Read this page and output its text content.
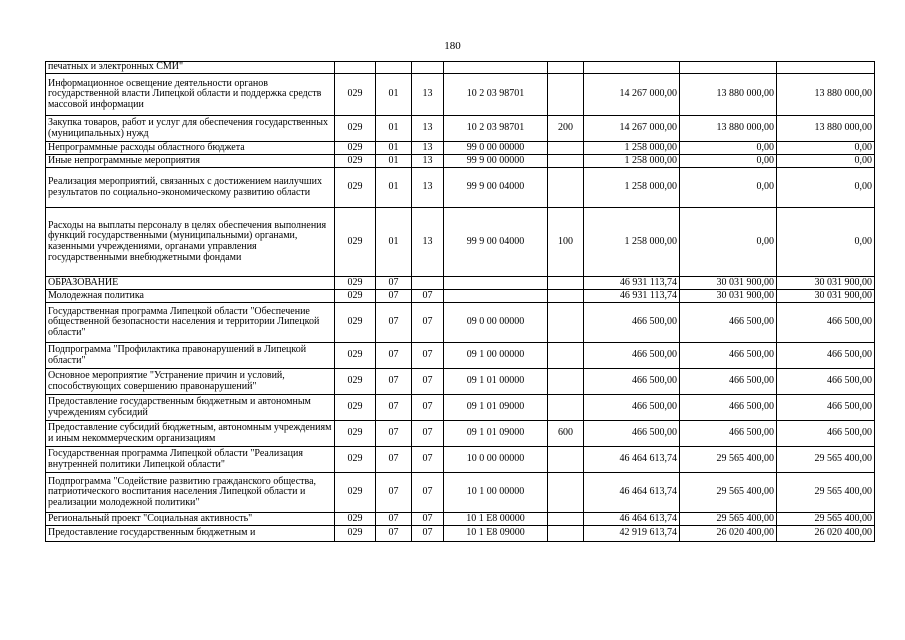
180
печатных и электронных СМИ"								
Информационное освещение деятельности органов государственной власти Липецкой области и поддержка средств массовой информации	029	01	13	10 2 03 98701		14 267 000,00	13 880 000,00	13 880 000,00
Закупка товаров, работ и услуг для обеспечения государственных (муниципальных) нужд	029	01	13	10 2 03 98701	200	14 267 000,00	13 880 000,00	13 880 000,00
Непрограммные расходы областного бюджета	029	01	13	99 0 00 00000		1 258 000,00	0,00	0,00
Иные непрограммные мероприятия	029	01	13	99 9 00 00000		1 258 000,00	0,00	0,00
Реализация мероприятий, связанных с достижением наилучших результатов по социально-экономическому развитию области	029	01	13	99 9 00 04000		1 258 000,00	0,00	0,00
Расходы на выплаты персоналу в целях обеспечения выполнения функций государственными (муниципальными) органами, казенными учреждениями, органами управления государственными внебюджетными фондами	029	01	13	99 9 00 04000	100	1 258 000,00	0,00	0,00
ОБРАЗОВАНИЕ	029	07				46 931 113,74	30 031 900,00	30 031 900,00
Молодежная политика	029	07	07			46 931 113,74	30 031 900,00	30 031 900,00
Государственная программа Липецкой области "Обеспечение общественной безопасности населения и территории Липецкой области"	029	07	07	09 0 00 00000		466 500,00	466 500,00	466 500,00
Подпрограмма "Профилактика правонарушений в Липецкой области"	029	07	07	09 1 00 00000		466 500,00	466 500,00	466 500,00
Основное мероприятие "Устранение причин и условий, способствующих совершению правонарушений"	029	07	07	09 1 01 00000		466 500,00	466 500,00	466 500,00
Предоставление государственным бюджетным и автономным учреждениям субсидий	029	07	07	09 1 01 09000		466 500,00	466 500,00	466 500,00
Предоставление субсидий бюджетным, автономным учреждениям и иным некоммерческим организациям	029	07	07	09 1 01 09000	600	466 500,00	466 500,00	466 500,00
Государственная программа Липецкой области "Реализация внутренней политики Липецкой области"	029	07	07	10 0 00 00000		46 464 613,74	29 565 400,00	29 565 400,00
Подпрограмма "Содействие развитию гражданского общества, патриотического воспитания населения Липецкой области и реализации молодежной политики"	029	07	07	10 1 00 00000		46 464 613,74	29 565 400,00	29 565 400,00
Региональный проект "Социальная активность"	029	07	07	10 1 E8 00000		46 464 613,74	29 565 400,00	29 565 400,00
Предоставление государственным бюджетным и	029	07	07	10 1 E8 09000		42 919 613,74	26 020 400,00	26 020 400,00
